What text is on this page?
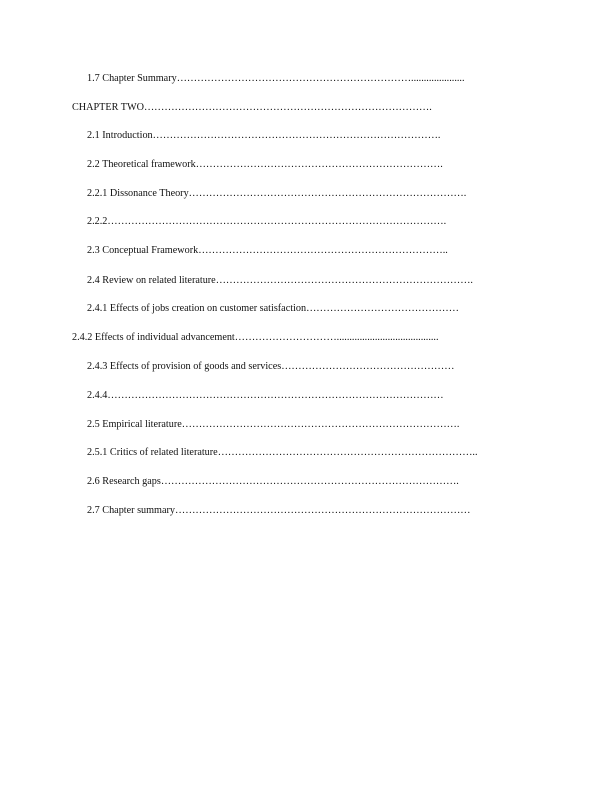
1.7 Chapter Summary…………………………………………………………….....................
CHAPTER TWO………………………………………………………………………….
2.1 Introduction………………………………………………………………………….
2.2 Theoretical framework……………………………………………………………….
2.2.1 Dissonance Theory……………………………………………………………………….
2.2.2……………………………………………………………………………………….
2.3 Conceptual Framework………………………………………………………………..
2.4 Review on related literature………………………………………………………………….
2.4.1 Effects of jobs creation on customer satisfaction………………………………………
2.4.2 Effects of individual advancement…………………………........................................
2.4.3 Effects of provision of goods and services……………………………………………
2.4.4………………………………………………………………………………………
2.5 Empirical literature……………………………………………………………………….
2.5.1 Critics of related literature…………………………………………………………………..
2.6 Research gaps…………………………………………………………………………….
2.7 Chapter summary……………………………………………………………………………
